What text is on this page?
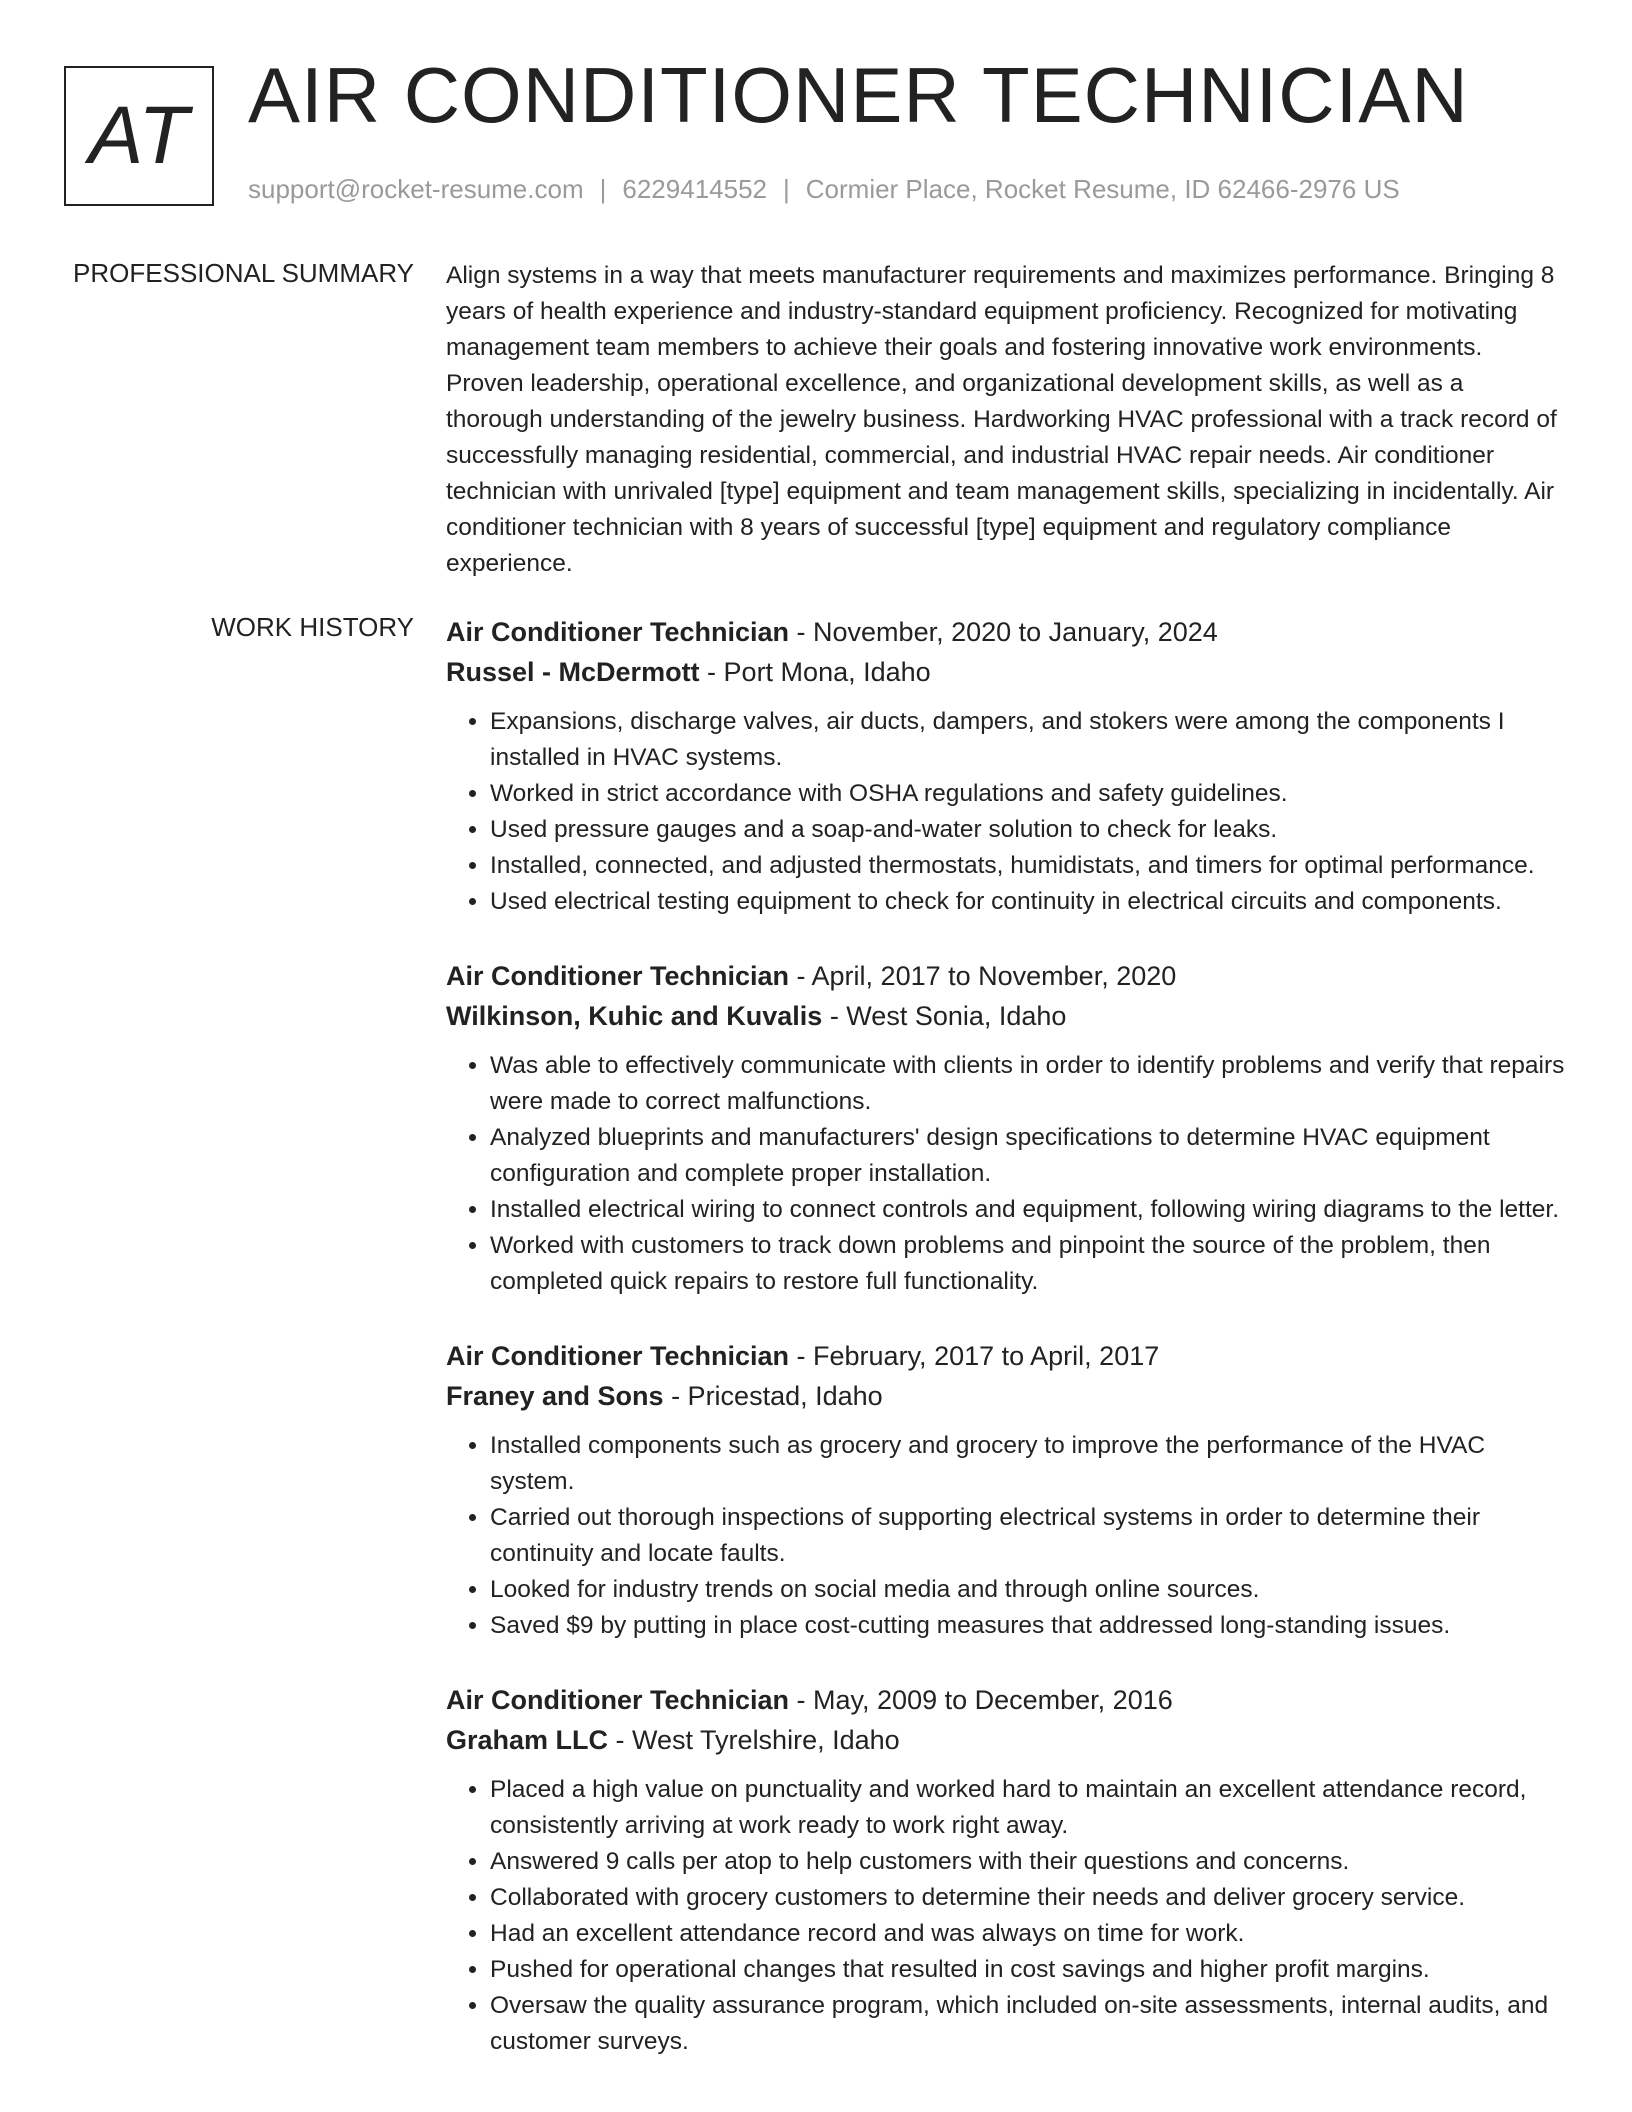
AT AIR CONDITIONER TECHNICIAN
support@rocket-resume.com | 6229414552 | Cormier Place, Rocket Resume, ID 62466-2976 US
PROFESSIONAL SUMMARY Align systems in a way that meets manufacturer requirements and maximizes performance. Bringing 8 years of health experience and industry-standard equipment proficiency. Recognized for motivating management team members to achieve their goals and fostering innovative work environments. Proven leadership, operational excellence, and organizational development skills, as well as a thorough understanding of the jewelry business. Hardworking HVAC professional with a track record of successfully managing residential, commercial, and industrial HVAC repair needs. Air conditioner technician with unrivaled [type] equipment and team management skills, specializing in incidentally. Air conditioner technician with 8 years of successful [type] equipment and regulatory compliance experience.
WORK HISTORY Air Conditioner Technician - November, 2020 to January, 2024
Russel - McDermott - Port Mona, Idaho
• Expansions, discharge valves, air ducts, dampers, and stokers were among the components I installed in HVAC systems.
• Worked in strict accordance with OSHA regulations and safety guidelines.
• Used pressure gauges and a soap-and-water solution to check for leaks.
• Installed, connected, and adjusted thermostats, humidistats, and timers for optimal performance.
• Used electrical testing equipment to check for continuity in electrical circuits and components.
Air Conditioner Technician - April, 2017 to November, 2020
Wilkinson, Kuhic and Kuvalis - West Sonia, Idaho
• Was able to effectively communicate with clients in order to identify problems and verify that repairs were made to correct malfunctions.
• Analyzed blueprints and manufacturers' design specifications to determine HVAC equipment configuration and complete proper installation.
• Installed electrical wiring to connect controls and equipment, following wiring diagrams to the letter.
• Worked with customers to track down problems and pinpoint the source of the problem, then completed quick repairs to restore full functionality.
Air Conditioner Technician - February, 2017 to April, 2017
Franey and Sons - Pricestad, Idaho
• Installed components such as grocery and grocery to improve the performance of the HVAC system.
• Carried out thorough inspections of supporting electrical systems in order to determine their continuity and locate faults.
• Looked for industry trends on social media and through online sources.
• Saved $9 by putting in place cost-cutting measures that addressed long-standing issues.
Air Conditioner Technician - May, 2009 to December, 2016
Graham LLC - West Tyrelshire, Idaho
• Placed a high value on punctuality and worked hard to maintain an excellent attendance record, consistently arriving at work ready to work right away.
• Answered 9 calls per atop to help customers with their questions and concerns.
• Collaborated with grocery customers to determine their needs and deliver grocery service.
• Had an excellent attendance record and was always on time for work.
• Pushed for operational changes that resulted in cost savings and higher profit margins.
• Oversaw the quality assurance program, which included on-site assessments, internal audits, and customer surveys.
